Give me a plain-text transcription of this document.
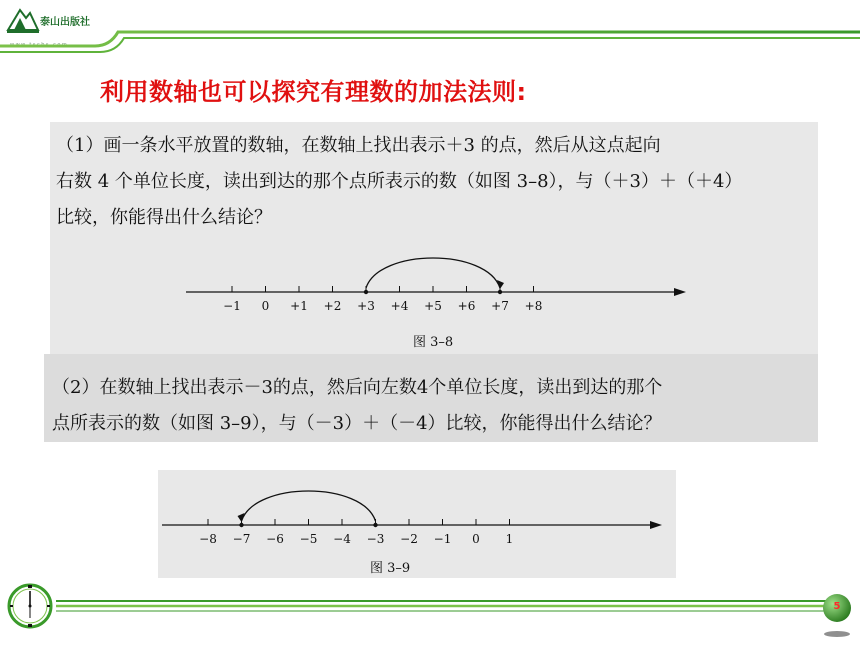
泰山出版社
www.tscbs.com
利用数轴也可以探究有理数的加法法则:
（1）画一条水平放置的数轴，在数轴上找出表示＋3 的点，然后从这点起向
右数 4 个单位长度，读出到达的那个点所表示的数（如图 3–8），与（＋3）＋（＋4）
比较，你能得出什么结论？
−1 0 +1 +2 +3 +4 +5 +6 +7 +8
图 3–8
（2）在数轴上找出表示－3的点，然后向左数4个单位长度，读出到达的那个
点所表示的数（如图 3–9），与（－3）＋（－4）比较，你能得出什么结论？
−8 −7 −6 −5 −4 −3 −2 −1 0 1
图 3–9
5
